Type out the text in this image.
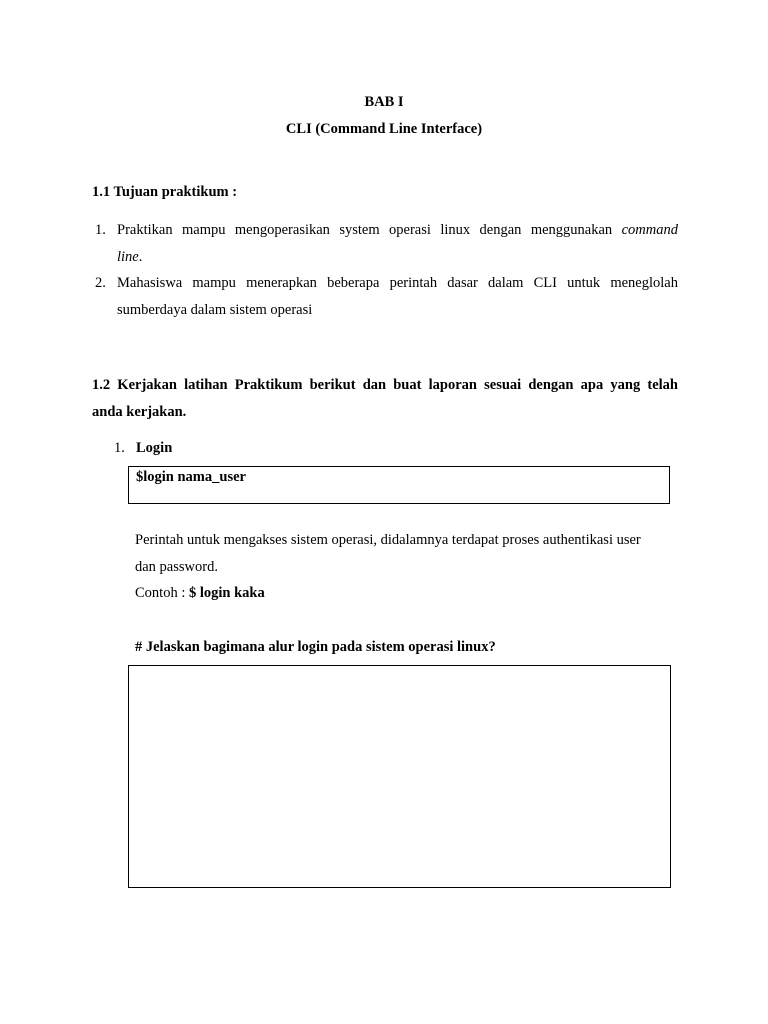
BAB I
CLI (Command Line Interface)
1.1 Tujuan praktikum :
1. Praktikan mampu mengoperasikan system operasi linux dengan menggunakan command
line.
2. Mahasiswa mampu menerapkan beberapa perintah dasar dalam CLI untuk meneglolah
sumberdaya dalam sistem operasi
1.2 Kerjakan latihan Praktikum berikut dan buat laporan sesuai dengan apa yang telah
anda kerjakan.
1. Login
$login nama_user
Perintah untuk mengakses sistem operasi, didalamnya terdapat proses authentikasi user
dan password.
Contoh : $ login kaka
# Jelaskan bagimana alur login pada sistem operasi linux?
